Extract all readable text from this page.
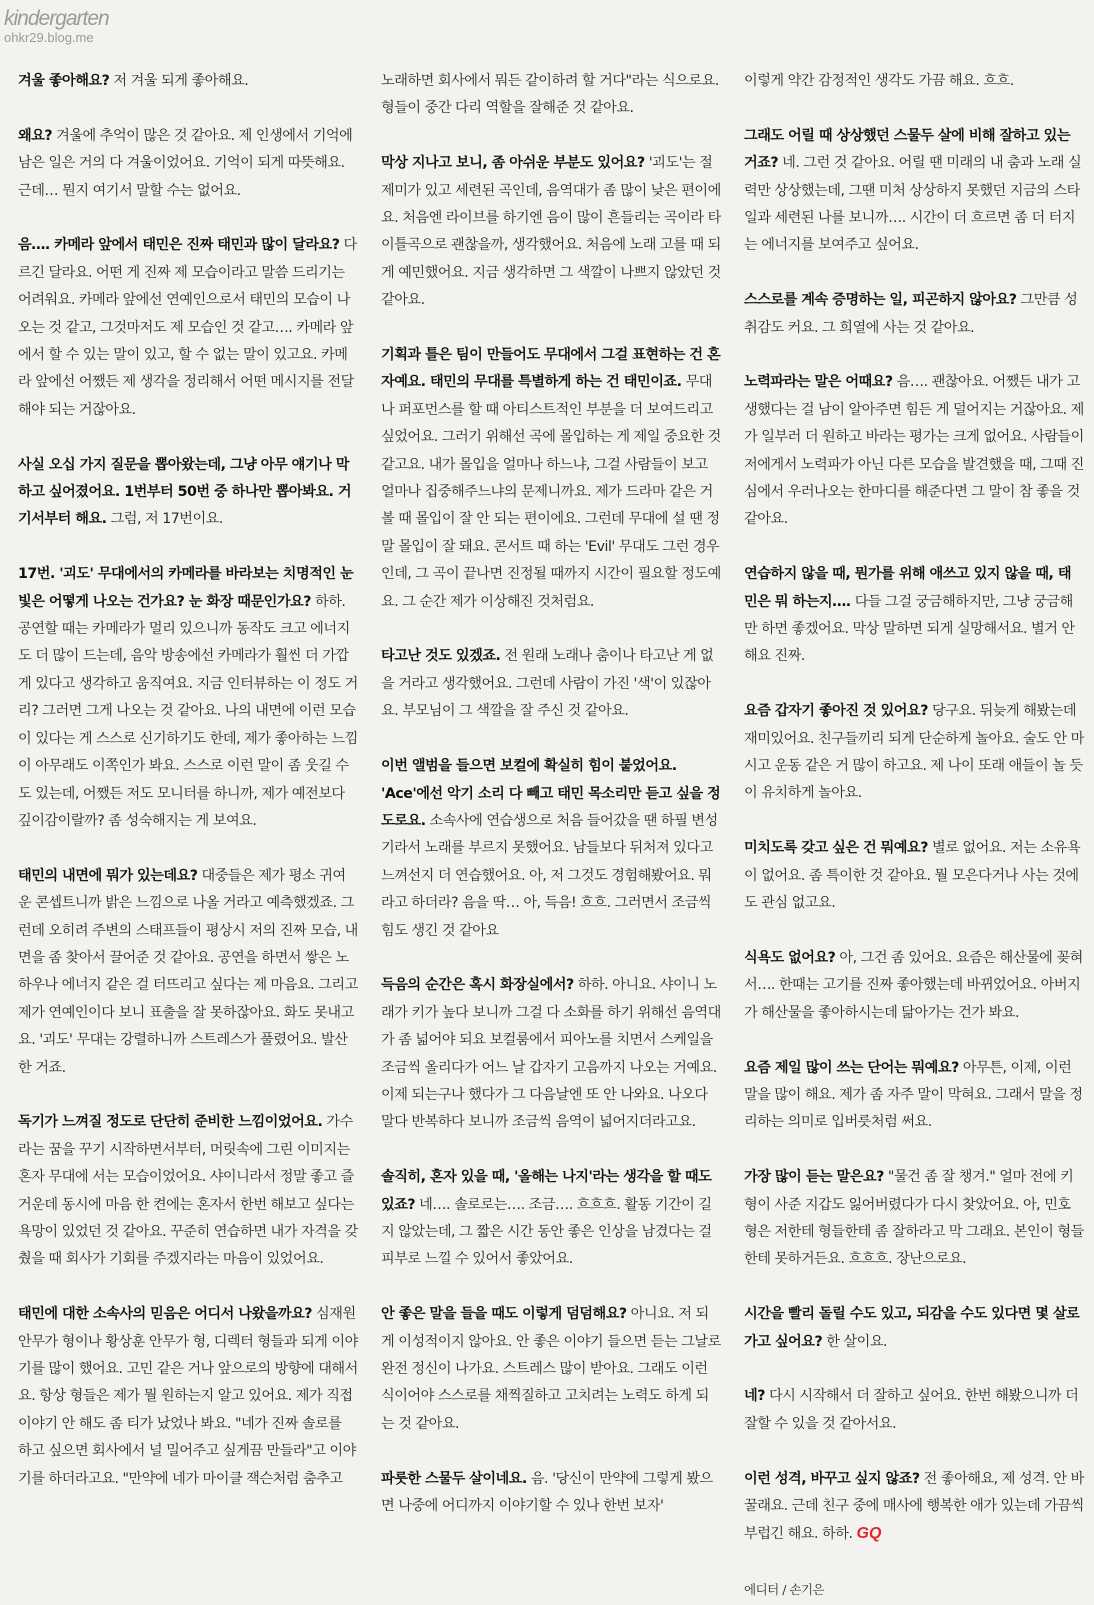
kindergarten
ohkr29.blog.me

겨울 좋아해요? 저 겨울 되게 좋아해요.

왜요? 겨울에 추억이 많은 것 같아요. 제 인생에서 기억에 남은 일은 거의 다 겨울이었어요. 기억이 되게 따뜻해요. 근데… 뭔지 여기서 말할 수는 없어요.

음…. 카메라 앞에서 태민은 진짜 태민과 많이 달라요? 다르긴 달라요. 어떤 게 진짜 제 모습이라고 말씀 드리기는 어려워요. 카메라 앞에선 연예인으로서 태민의 모습이 나오는 것 같고, 그것마저도 제 모습인 것 같고…. 카메라 앞에서 할 수 있는 말이 있고, 할 수 없는 말이 있고요. 카메라 앞에선 어쨌든 제 생각을 정리해서 어떤 메시지를 전달해야 되는 거잖아요.

사실 오십 가지 질문을 뽑아왔는데, 그냥 아무 얘기나 막 하고 싶어졌어요. 1번부터 50번 중 하나만 뽑아봐요. 거기서부터 해요. 그럼, 저 17번이요.

17번. '괴도' 무대에서의 카메라를 바라보는 치명적인 눈빛은 어떻게 나오는 건가요? 눈 화장 때문인가요? 하하. 공연할 때는 카메라가 멀리 있으니까 동작도 크고 에너지도 더 많이 드는데, 음악 방송에선 카메라가 훨씬 더 가깝게 있다고 생각하고 움직여요. 지금 인터뷰하는 이 정도 거리? 그러면 그게 나오는 것 같아요. 나의 내면에 이런 모습이 있다는 게 스스로 신기하기도 한데, 제가 좋아하는 느낌이 아무래도 이쪽인가 봐요. 스스로 이런 말이 좀 웃길 수도 있는데, 어쨌든 저도 모니터를 하니까, 제가 예전보다 깊이감이랄까? 좀 성숙해지는 게 보여요.

태민의 내면에 뭐가 있는데요? 대중들은 제가 평소 귀여운 콘셉트니까 밝은 느낌으로 나올 거라고 예측했겠죠. 그런데 오히려 주변의 스태프들이 평상시 저의 진짜 모습, 내면을 좀 찾아서 끌어준 것 같아요. 공연을 하면서 쌓은 노하우나 에너지 같은 걸 터뜨리고 싶다는 제 마음요. 그리고 제가 연예인이다 보니 표출을 잘 못하잖아요. 화도 못내고요. '괴도' 무대는 강렬하니까 스트레스가 풀렸어요. 발산한 거죠.

독기가 느껴질 정도로 단단히 준비한 느낌이었어요. 가수라는 꿈을 꾸기 시작하면서부터, 머릿속에 그린 이미지는 혼자 무대에 서는 모습이었어요. 샤이니라서 정말 좋고 즐거운데 동시에 마음 한 켠에는 혼자서 한번 해보고 싶다는 욕망이 있었던 것 같아요. 꾸준히 연습하면 내가 자격을 갖췄을 때 회사가 기회를 주겠지라는 마음이 있었어요.

태민에 대한 소속사의 믿음은 어디서 나왔을까요? 심재원 안무가 형이나 황상훈 안무가 형, 디렉터 형들과 되게 이야기를 많이 했어요. 고민 같은 거나 앞으로의 방향에 대해서요. 항상 형들은 제가 뭘 원하는지 알고 있어요. 제가 직접 이야기 안 해도 좀 티가 났었나 봐요. "네가 진짜 솔로를 하고 싶으면 회사에서 널 밀어주고 싶게끔 만들라"고 이야기를 하더라고요. "만약에 네가 마이클 잭슨처럼 춤추고

노래하면 회사에서 뭐든 같이하려 할 거다"라는 식으로요. 형들이 중간 다리 역할을 잘해준 것 같아요.

막상 지나고 보니, 좀 아쉬운 부분도 있어요? '괴도'는 절제미가 있고 세련된 곡인데, 음역대가 좀 많이 낮은 편이에요. 처음엔 라이브를 하기엔 음이 많이 흔들리는 곡이라 타이틀곡으로 괜찮을까, 생각했어요. 처음에 노래 고를 때 되게 예민했어요. 지금 생각하면 그 색깔이 나쁘지 않았던 것 같아요.

기획과 틀은 팀이 만들어도 무대에서 그걸 표현하는 건 혼자예요. 태민의 무대를 특별하게 하는 건 태민이죠. 무대나 퍼포먼스를 할 때 아티스트적인 부분을 더 보여드리고 싶었어요. 그러기 위해선 곡에 몰입하는 게 제일 중요한 것 같고요. 내가 몰입을 얼마나 하느냐, 그걸 사람들이 보고 얼마나 집중해주느냐의 문제니까요. 제가 드라마 같은 거 볼 때 몰입이 잘 안 되는 편이에요. 그런데 무대에 설 땐 정말 몰입이 잘 돼요. 콘서트 때 하는 'Evil' 무대도 그런 경우인데, 그 곡이 끝나면 진정될 때까지 시간이 필요할 정도예요. 그 순간 제가 이상해진 것처럼요.

타고난 것도 있겠죠. 전 원래 노래나 춤이나 타고난 게 없을 거라고 생각했어요. 그런데 사람이 가진 '색'이 있잖아요. 부모님이 그 색깔을 잘 주신 것 같아요.

이번 앨범을 들으면 보컬에 확실히 힘이 붙었어요. 'Ace'에선 악기 소리 다 빼고 태민 목소리만 듣고 싶을 정도로요. 소속사에 연습생으로 처음 들어갔을 땐 하필 변성기라서 노래를 부르지 못했어요. 남들보다 뒤처져 있다고 느껴선지 더 연습했어요. 아, 저 그것도 경험해봤어요. 뭐라고 하더라? 음을 딱… 아, 득음! 흐흐. 그러면서 조금씩 힘도 생긴 것 같아요

득음의 순간은 혹시 화장실에서? 하하. 아니요. 샤이니 노래가 키가 높다 보니까 그걸 다 소화를 하기 위해선 음역대가 좀 넓어야 되요 보컬룸에서 피아노를 치면서 스케일을 조금씩 올리다가 어느 날 갑자기 고음까지 나오는 거예요. 이제 되는구나 했다가 그 다음날엔 또 안 나와요. 나오다 말다 반복하다 보니까 조금씩 음역이 넓어지더라고요.

솔직히, 혼자 있을 때, '올해는 나지'라는 생각을 할 때도 있죠? 네…. 솔로로는…. 조금…. 흐흐흐. 활동 기간이 길지 않았는데, 그 짧은 시간 동안 좋은 인상을 남겼다는 걸 피부로 느낄 수 있어서 좋았어요.

안 좋은 말을 들을 때도 이렇게 덤덤해요? 아니요. 저 되게 이성적이지 않아요. 안 좋은 이야기 들으면 듣는 그날로 완전 정신이 나가요. 스트레스 많이 받아요. 그래도 이런 식이어야 스스로를 채찍질하고 고치려는 노력도 하게 되는 것 같아요.

파릇한 스물두 살이네요. 음. '당신이 만약에 그렇게 봤으면 나중에 어디까지 이야기할 수 있나 한번 보자'

이렇게 약간 감정적인 생각도 가끔 해요. 흐흐.

그래도 어릴 때 상상했던 스물두 살에 비해 잘하고 있는 거죠? 네. 그런 것 같아요. 어릴 땐 미래의 내 춤과 노래 실력만 상상했는데, 그땐 미처 상상하지 못했던 지금의 스타일과 세련된 나를 보니까…. 시간이 더 흐르면 좀 더 터지는 에너지를 보여주고 싶어요.

스스로를 계속 증명하는 일, 피곤하지 않아요? 그만큼 성취감도 커요. 그 희열에 사는 것 같아요.

노력파라는 말은 어때요? 음…. 괜찮아요. 어쨌든 내가 고생했다는 걸 남이 알아주면 힘든 게 덜어지는 거잖아요. 제가 일부러 더 원하고 바라는 평가는 크게 없어요. 사람들이 저에게서 노력파가 아닌 다른 모습을 발견했을 때, 그때 진심에서 우러나오는 한마디를 해준다면 그 말이 참 좋을 것 같아요.

연습하지 않을 때, 뭔가를 위해 애쓰고 있지 않을 때, 태민은 뭐 하는지…. 다들 그걸 궁금해하지만, 그냥 궁금해만 하면 좋겠어요. 막상 말하면 되게 실망해서요. 별거 안 해요 진짜.

요즘 갑자기 좋아진 것 있어요? 당구요. 뒤늦게 해봤는데 재미있어요. 친구들끼리 되게 단순하게 놀아요. 술도 안 마시고 운동 같은 거 많이 하고요. 제 나이 또래 애들이 놀 듯이 유치하게 놀아요.

미치도록 갖고 싶은 건 뭐예요? 별로 없어요. 저는 소유욕이 없어요. 좀 특이한 것 같아요. 뭘 모은다거나 사는 것에도 관심 없고요.

식욕도 없어요? 아, 그건 좀 있어요. 요즘은 해산물에 꽂혀서…. 한때는 고기를 진짜 좋아했는데 바뀌었어요. 아버지가 해산물을 좋아하시는데 닮아가는 건가 봐요.

요즘 제일 많이 쓰는 단어는 뭐예요? 아무튼, 이제, 이런 말을 많이 해요. 제가 좀 자주 말이 막혀요. 그래서 말을 정리하는 의미로 입버릇처럼 써요.

가장 많이 듣는 말은요? "물건 좀 잘 챙겨." 얼마 전에 키 형이 사준 지갑도 잃어버렸다가 다시 찾았어요. 아, 민호 형은 저한테 형들한테 좀 잘하라고 막 그래요. 본인이 형들한테 못하거든요. 흐흐흐. 장난으로요.

시간을 빨리 돌릴 수도 있고, 되감을 수도 있다면 몇 살로 가고 싶어요? 한 살이요.

네? 다시 시작해서 더 잘하고 싶어요. 한번 해봤으니까 더 잘할 수 있을 것 같아서요.

이런 성격, 바꾸고 싶지 않죠? 전 좋아해요, 제 성격. 안 바꿀래요. 근데 친구 중에 매사에 행복한 애가 있는데 가끔씩 부럽긴 해요. 하하. GQ

에디터 / 손기은
